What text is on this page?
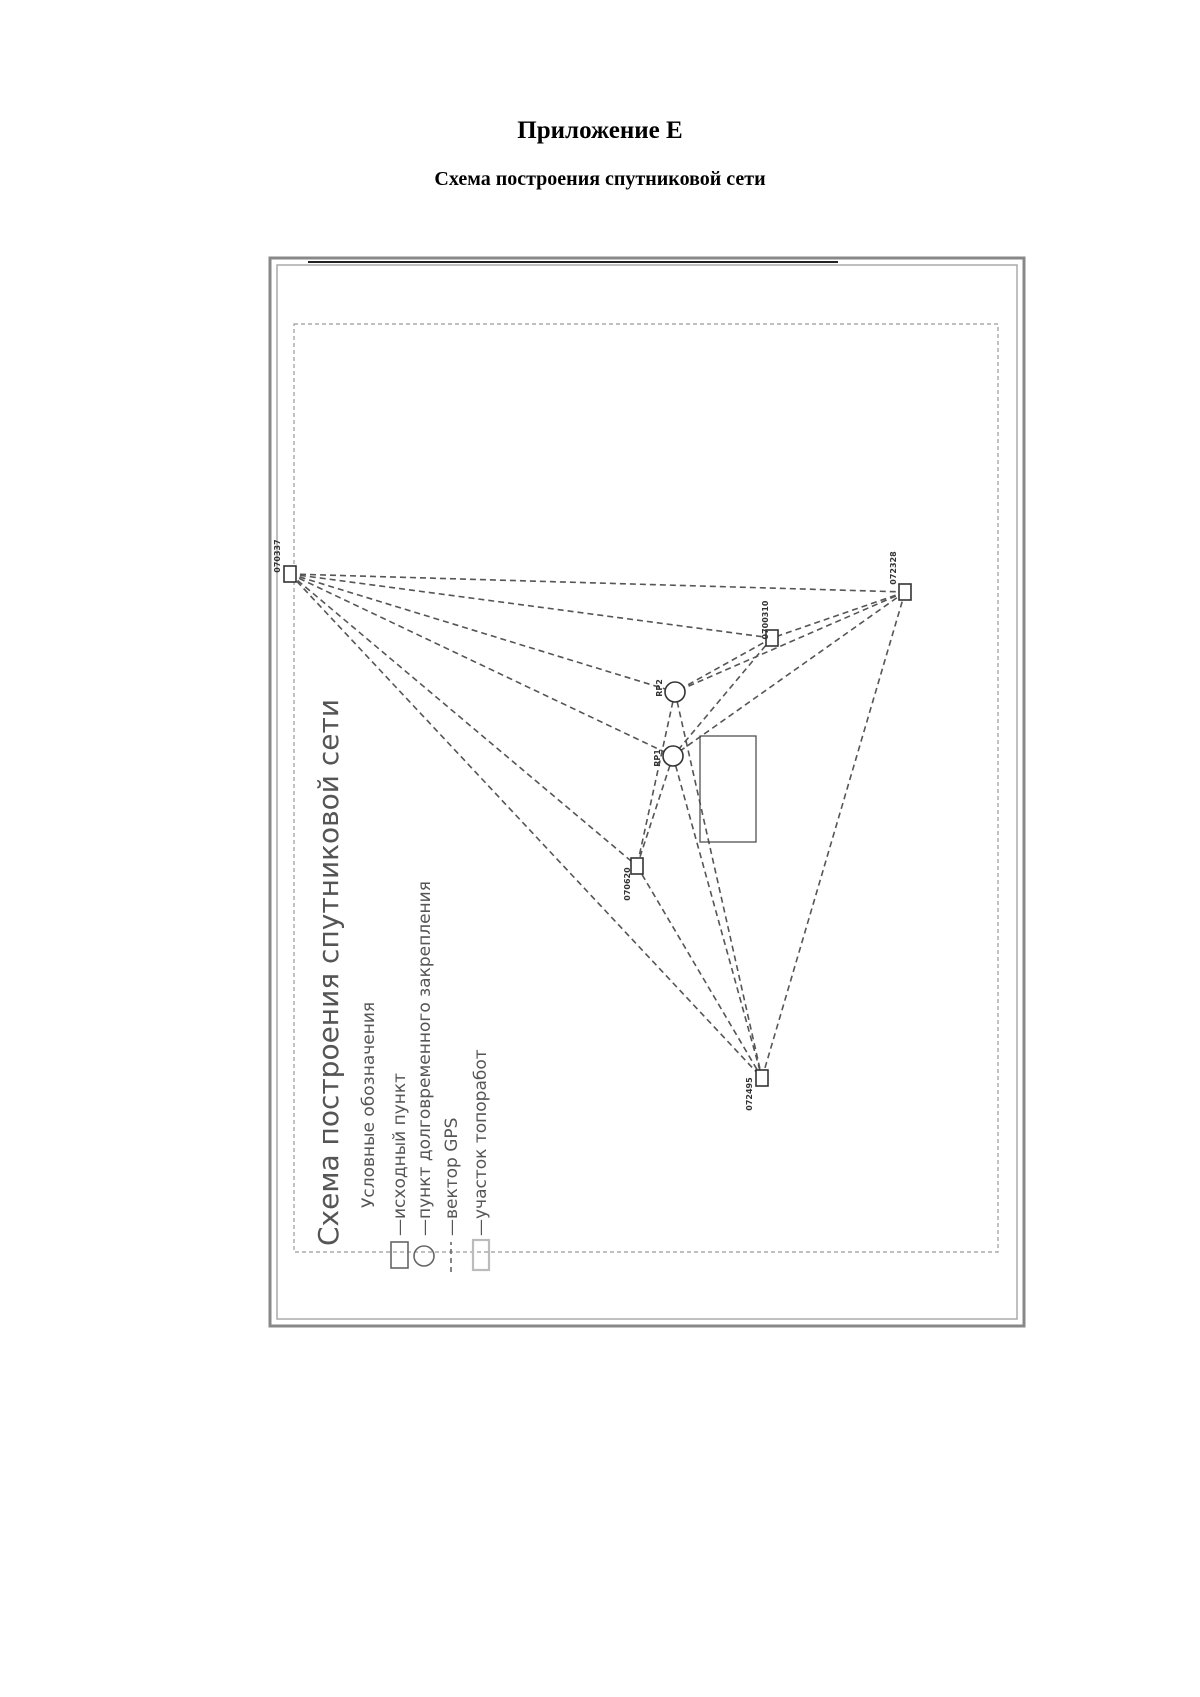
Приложение Е
Схема построения спутниковой сети
070337	072328
0700310
RP2
RP1
070620
072495
Схема построения спутниковой сети Условные обозначения —исходный пункт —пункт долговременного закрепления —вектор GPS —участок топоработ
